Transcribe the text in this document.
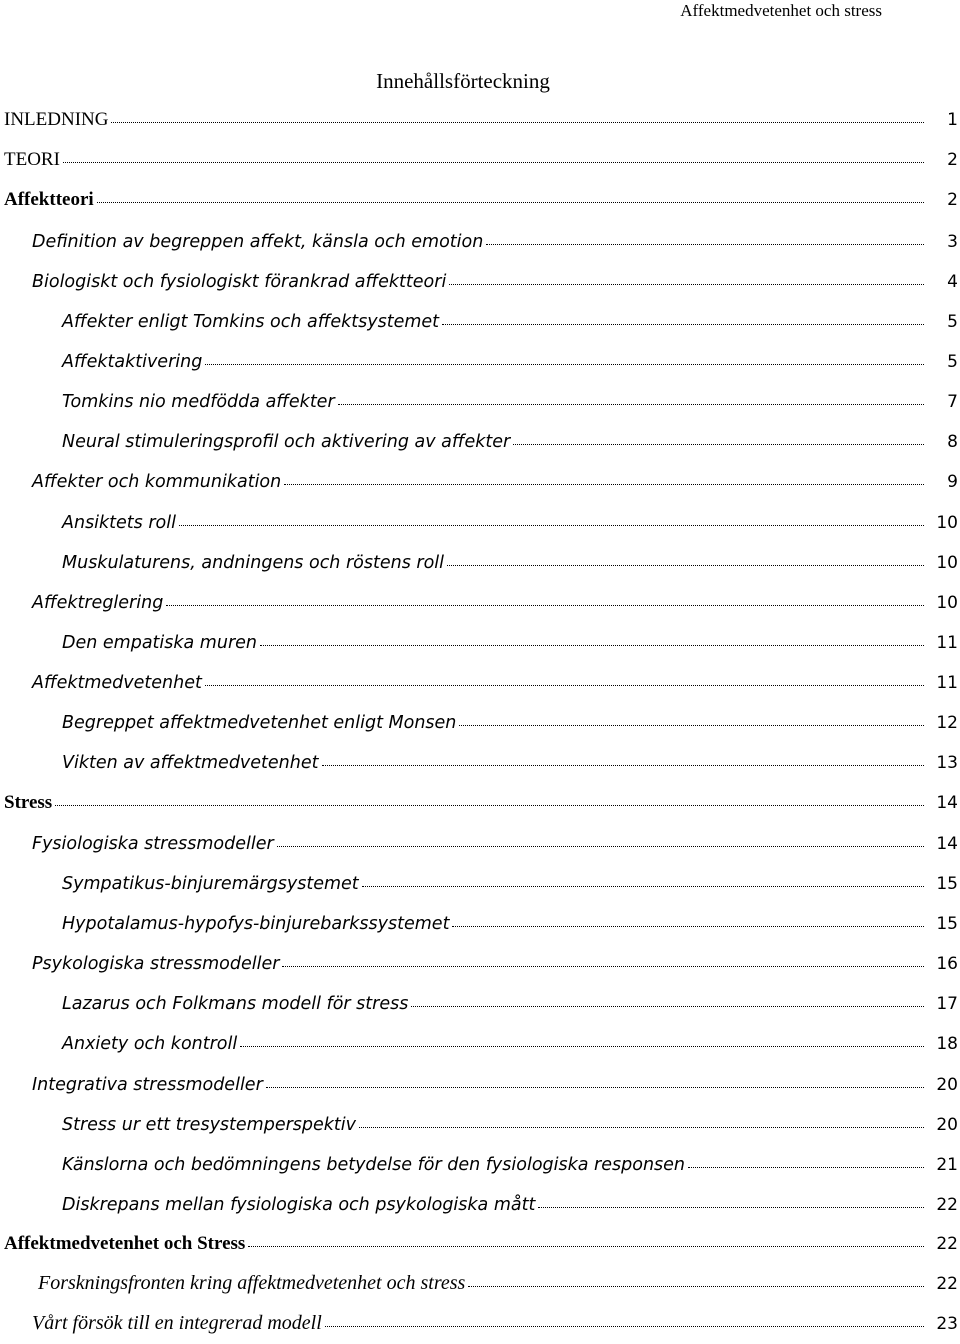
Affektmedvetenhet och stress
Innehållsförteckning
INLEDNING	1
TEORI	2
Affektteori	2
Definition av begreppen affekt, känsla och emotion	3
Biologiskt och fysiologiskt förankrad affektteori	4
Affekter enligt Tomkins och affektsystemet	5
Affektaktivering	5
Tomkins nio medfödda affekter	7
Neural stimuleringsprofil och aktivering av affekter	8
Affekter och kommunikation	9
Ansiktets roll	10
Muskulaturens, andningens och röstens roll	10
Affektreglering	10
Den empatiska muren	11
Affektmedvetenhet	11
Begreppet affektmedvetenhet enligt Monsen	12
Vikten av affektmedvetenhet	13
Stress	14
Fysiologiska stressmodeller	14
Sympatikus-binjuremärgsystemet	15
Hypotalamus-hypofys-binjurebarkssystemet	15
Psykologiska stressmodeller	16
Lazarus och Folkmans modell för stress	17
Anxiety och kontroll	18
Integrativa stressmodeller	20
Stress ur ett tresystemperspektiv	20
Känslorna och bedömningens betydelse för den fysiologiska responsen	21
Diskrepans mellan fysiologiska och psykologiska mått	22
Affektmedvetenhet och Stress	22
Forskningsfronten kring affektmedvetenhet och stress	22
Vårt försök till en integrerad modell	23
